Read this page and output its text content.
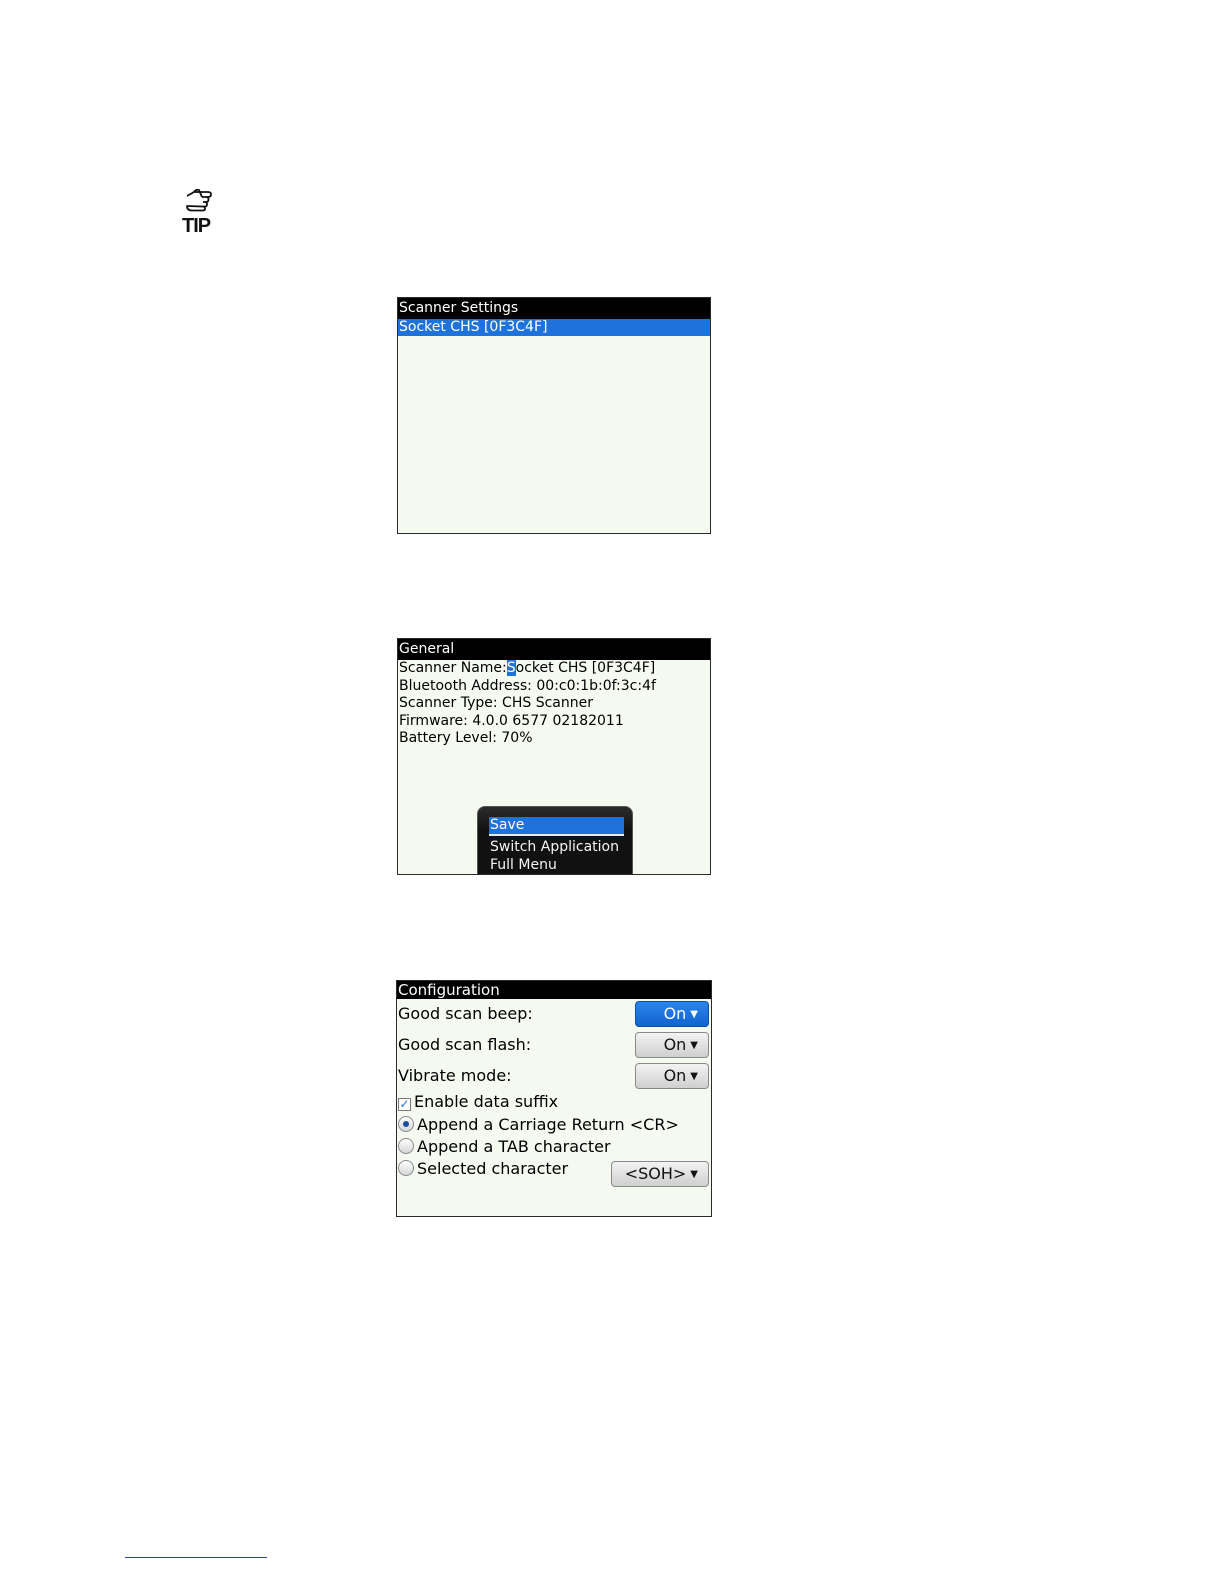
TIP
Scanner Settings
Socket CHS [0F3C4F]
General
Scanner Name:Socket CHS [0F3C4F]
Bluetooth Address: 00:c0:1b:0f:3c:4f
Scanner Type: CHS Scanner
Firmware: 4.0.0 6577 02182011
Battery Level: 70%
Save
Switch Application
Full Menu
Configuration
Good scan beep:	On ▼
Good scan flash:	On ▼
Vibrate mode:	On ▼
✓ Enable data suffix
Append a Carriage Return <CR>
Append a TAB character
Selected character	<SOH> ▼
